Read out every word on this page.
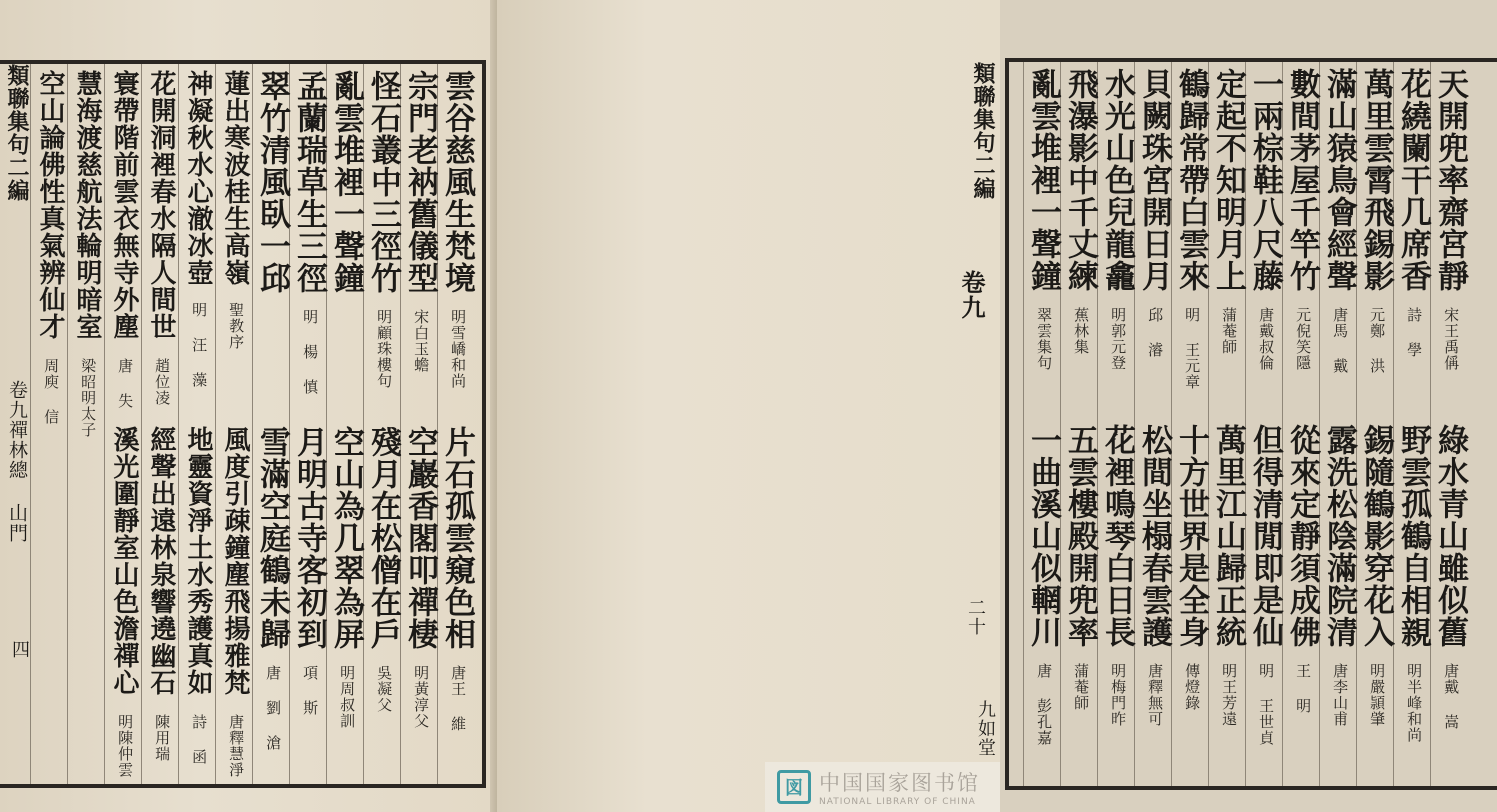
雲谷慈風生梵境
明雪嶠和尚
片石孤雲窺色相
唐王 維
宗門老衲舊儀型
宋白玉蟾
空巖香閣叩禪棲
明黃淳父
怪石叢中三徑竹
明顧珠樓句
殘月在松僧在戶
吳凝父
亂雲堆裡一聲鐘
空山為几翠為屏
明周叔訓
孟蘭瑞草生三徑
明 楊 慎
月明古寺客初到
項 斯
翠竹清風臥一邱
雪滿空庭鶴未歸
唐 劉 滄
蓮出寒波桂生高嶺
聖教序
風度引疎鐘塵飛揚雅梵
唐釋慧淨
神凝秋水心澈冰壺
明 汪 藻
地靈資淨土水秀護真如
詩 函
花開洞裡春水隔人間世
趙位凌
經聲出遠林泉響遶幽石
陳用瑞
寰帶階前雲衣無寺外塵
唐 失 名
溪光圍靜室山色澹禪心
明陳仲雲
慧海渡慈航法輪明暗室
梁昭明太子
空山論佛性真氣辨仙才
周庾 信
類聯集句二編
卷九禪林總 山門
四
天開兜率齋宮靜
宋王禹偁
綠水青山雖似舊
唐戴 嵩
花繞闌干几席香
詩 學
野雲孤鶴自相親
明半峰和尚
萬里雲霄飛錫影
元鄭 洪
錫隨鶴影穿花入
明嚴頴肇
滿山猿鳥會經聲
唐馬 戴
露洗松陰滿院清
唐李山甫
數間茅屋千竿竹
元倪笑隱
從來定靜須成佛
王 明
一兩棕鞋八尺藤
唐戴叔倫
但得清閒即是仙
明 王世貞
定起不知明月上
蒲菴師
萬里江山歸正統
明王芳遠
鶴歸常帶白雲來
明 王元章
十方世界是全身
傳燈錄
貝闕珠宮開日月
邱 濬
松間坐榻春雲護
唐釋無可
水光山色兒龍龕
明郭元登
花裡鳴琴白日長
明梅門昨
飛瀑影中千丈練
蕉林集
五雲樓殿開兜率
蒲菴師
亂雲堆裡一聲鐘
翠雲集句
一曲溪山似輞川
唐 彭孔嘉
類聯集句二編
九如堂
二十
卷九
図 中国国家图书馆
NATIONAL LIBRARY OF CHINA
